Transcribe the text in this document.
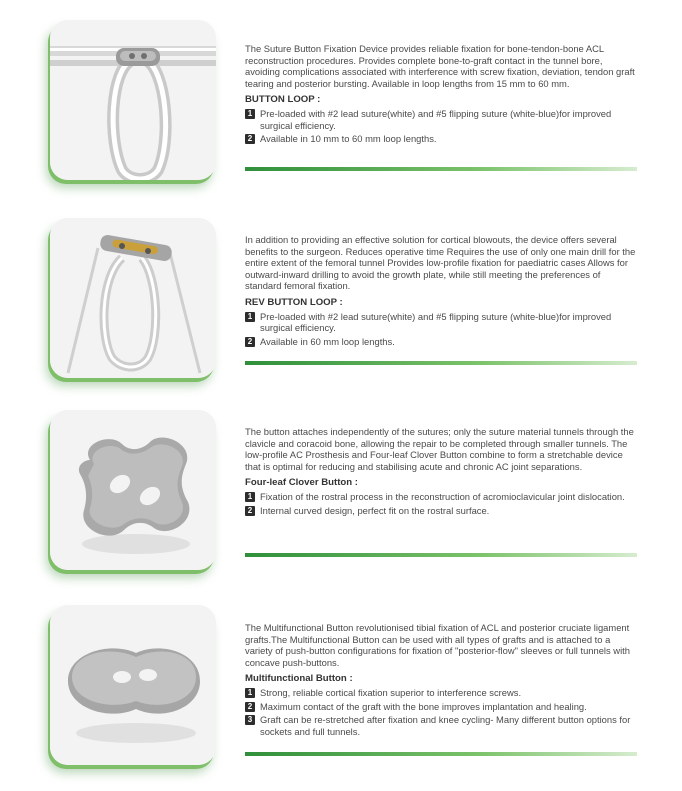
The Suture Button Fixation Device provides reliable fixation for bone-tendon-bone ACL reconstruction procedures. Provides complete bone-to-graft contact in the tunnel bore, avoiding complications associated with interference with screw fixation, deviation, tendon graft tearing and posterior bursting. Available in loop lengths from 15 mm to 60 mm.

BUTTON LOOP :
1 Pre-loaded with #2 lead suture(white) and #5 flipping suture (white-blue)for improved surgical efficiency.
2 Available in 10 mm to 60 mm loop lengths.

In addition to providing an effective solution for cortical blowouts, the device offers several benefits to the surgeon. Reduces operative time Requires the use of only one main drill for the entire extent of the femoral tunnel Provides low-profile fixation for paediatric cases Allows for outward-inward drilling to avoid the growth plate, while still meeting the preferences of standard femoral fixation.

REV BUTTON LOOP :
1 Pre-loaded with #2 lead suture(white) and #5 flipping suture (white-blue)for improved surgical efficiency.
2 Available in 60 mm loop lengths.

The button attaches independently of the sutures; only the suture material tunnels through the clavicle and coracoid bone, allowing the repair to be completed through smaller tunnels. The low-profile AC Prosthesis and Four-leaf Clover Button combine to form a stretchable device that is optimal for reducing and stabilising acute and chronic AC joint separations.

Four-leaf Clover Button :
1 Fixation of the rostral process in the reconstruction of acromioclavicular joint dislocation.
2 Internal curved design, perfect fit on the rostral surface.

The Multifunctional Button revolutionised tibial fixation of ACL and posterior cruciate ligament grafts.The Multifunctional Button can be used with all types of grafts and is attached to a variety of push-button configurations for fixation of "posterior-flow" sleeves or full tunnels with concave push-buttons.

Multifunctional Button :
1 Strong, reliable cortical fixation superior to interference screws.
2 Maximum contact of the graft with the bone improves implantation and healing.
3 Graft can be re-stretched after fixation and knee cycling- Many different button options for sockets and full tunnels.
